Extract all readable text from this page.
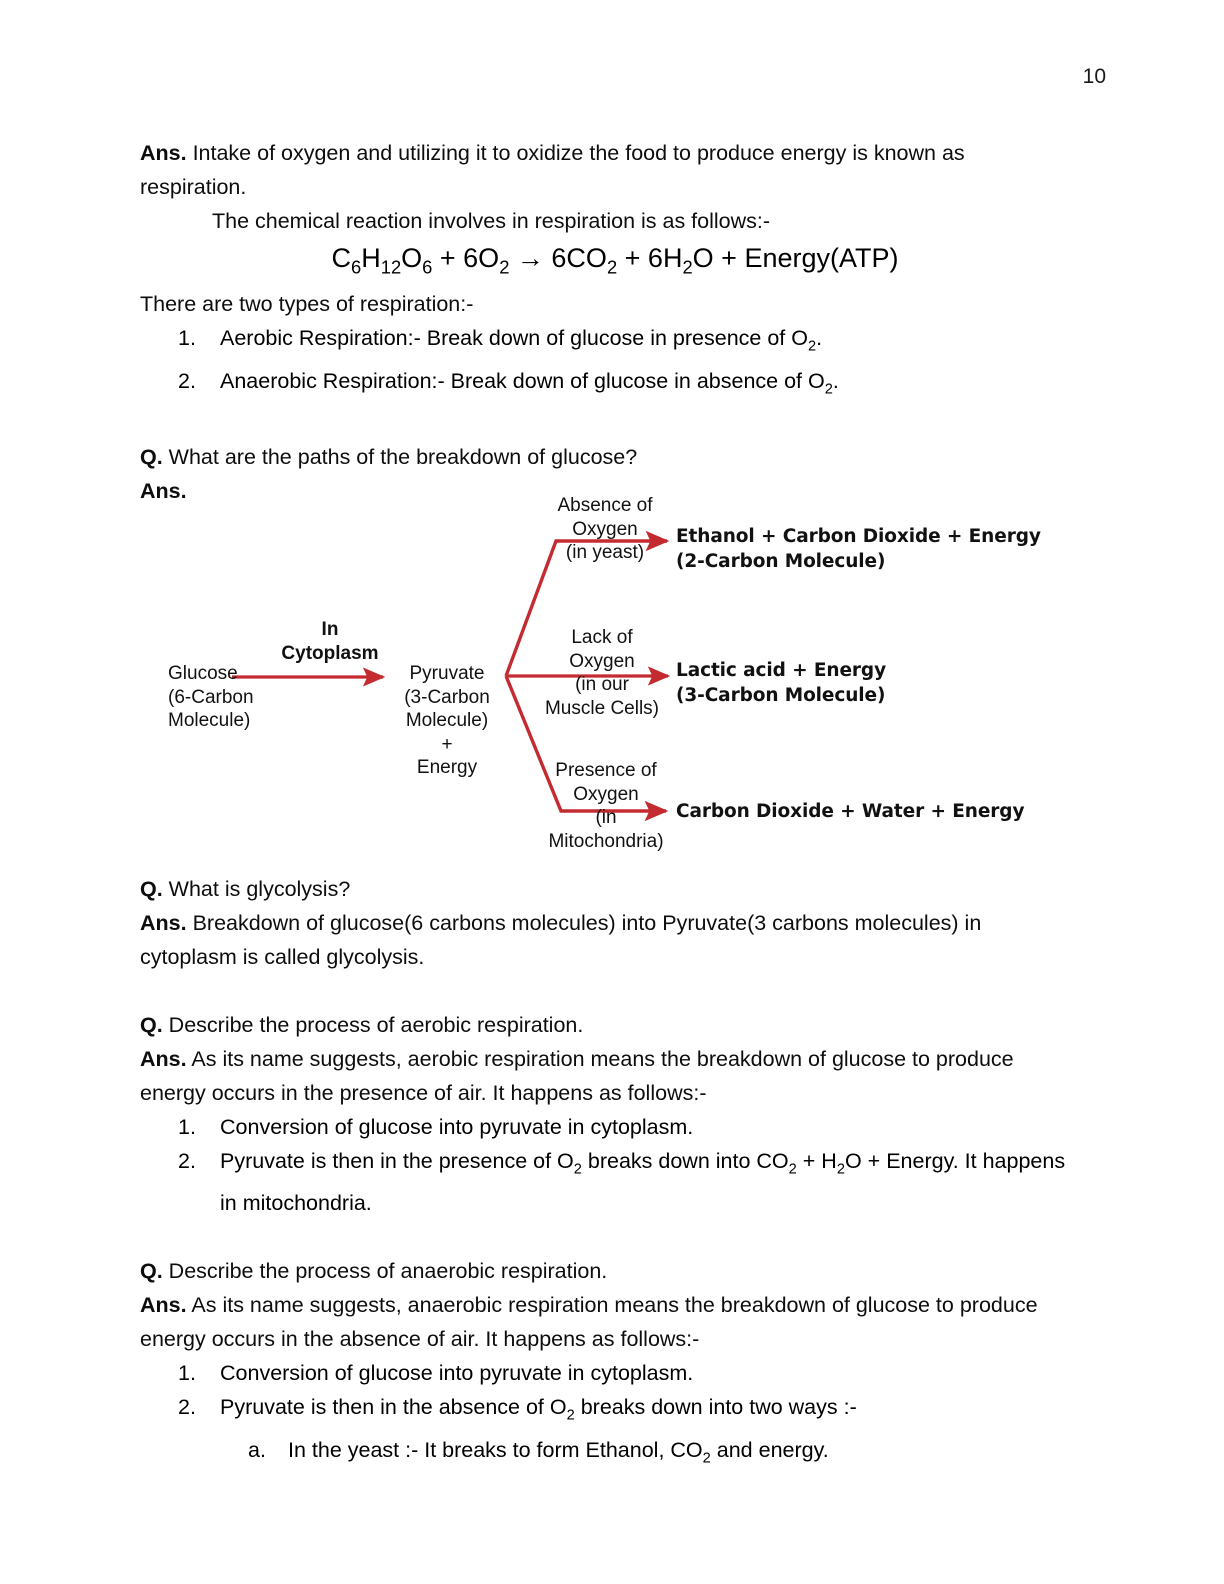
10

Ans. Intake of oxygen and utilizing it to oxidize the food to produce energy is known as respiration.

The chemical reaction involves in respiration is as follows:-

$C_6H_{12}O_6 + 6O_2 \to 6CO_2 + 6H_2O$ + Energy(ATP)

There are two types of respiration:-

1.	Aerobic Respiration:- Break down of glucose in presence of $O_2$.
2.	Anaerobic Respiration:- Break down of glucose in absence of $O_2$.

Q. What are the paths of the breakdown of glucose?

Ans.

Glucose
(6-Carbon
Molecule)
In
Cytoplasm
Pyruvate
(3-Carbon
Molecule)
+
Energy
Absence of
Oxygen
(in yeast)
Lack of
Oxygen
(in our
Muscle Cells)
Presence of
Oxygen
(in
Mitochondria)
Ethanol + Carbon Dioxide + Energy
(2-Carbon Molecule)
Lactic acid + Energy
(3-Carbon Molecule)
Carbon Dioxide + Water + Energy

Q. What is glycolysis?

Ans. Breakdown of glucose(6 carbons molecules) into Pyruvate(3 carbons molecules) in cytoplasm is called glycolysis.

Q. Describe the process of aerobic respiration.

Ans. As its name suggests, aerobic respiration means the breakdown of glucose to produce energy occurs in the presence of air. It happens as follows:-

1.	Conversion of glucose into pyruvate in cytoplasm.
2.	Pyruvate is then in the presence of $O_2$ breaks down into $CO_2 + H_2O$ + Energy. It happens in mitochondria.

Q. Describe the process of anaerobic respiration.

Ans. As its name suggests, anaerobic respiration means the breakdown of glucose to produce energy occurs in the absence of air. It happens as follows:-

1.	Conversion of glucose into pyruvate in cytoplasm.
2.	Pyruvate is then in the absence of $O_2$ breaks down into two ways :-
a.	In the yeast :- It breaks to form Ethanol, $CO_2$ and energy.
